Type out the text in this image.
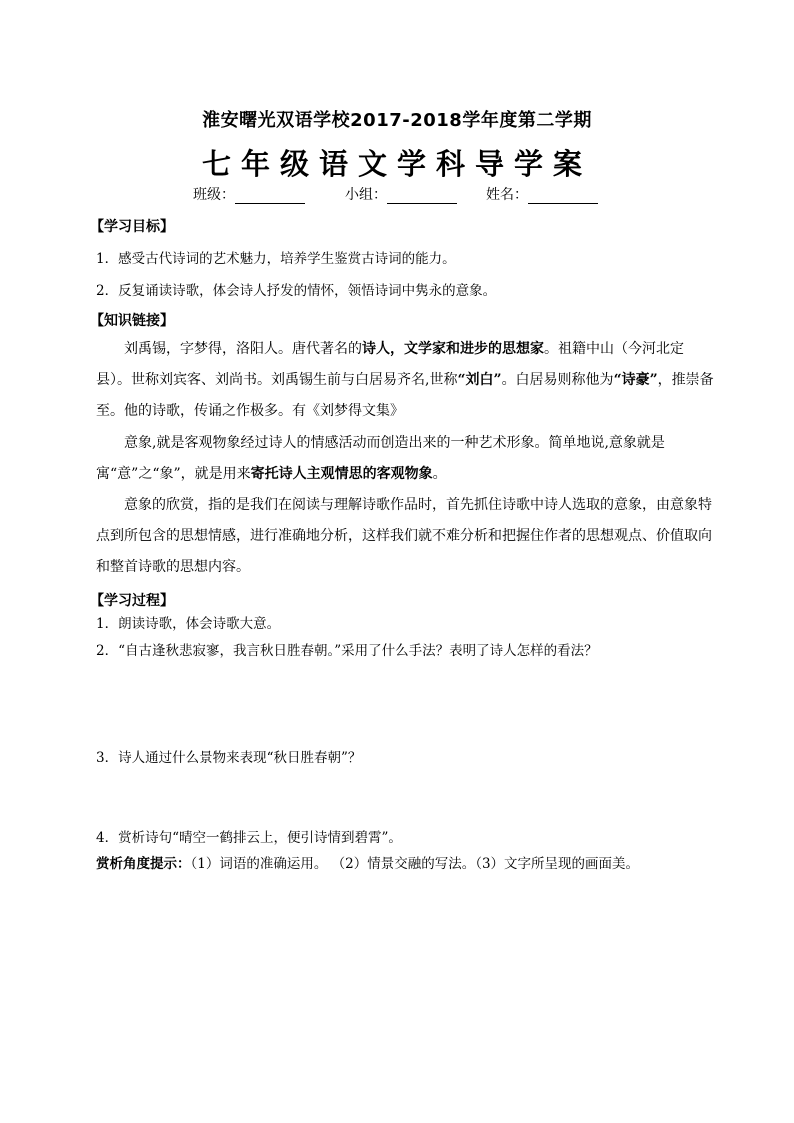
淮安曙光双语学校2017-2018学年度第二学期
七年级语文学科导学案
班级：	小组：	姓名：
【学习目标】
1．感受古代诗词的艺术魅力，培养学生鉴赏古诗词的能力。
2．反复诵读诗歌，体会诗人抒发的情怀，领悟诗词中隽永的意象。
【知识链接】
刘禹锡，字梦得，洛阳人。唐代著名的诗人，文学家和进步的思想家。祖籍中山（今河北定县）。世称刘宾客、刘尚书。刘禹锡生前与白居易齐名,世称“刘白”。白居易则称他为“诗豪”，推崇备至。他的诗歌，传诵之作极多。有《刘梦得文集》
意象,就是客观物象经过诗人的情感活动而创造出来的一种艺术形象。简单地说,意象就是寓“意”之“象”，就是用来寄托诗人主观情思的客观物象。
意象的欣赏，指的是我们在阅读与理解诗歌作品时，首先抓住诗歌中诗人选取的意象，由意象特点到所包含的思想情感，进行准确地分析，这样我们就不难分析和把握住作者的思想观点、价值取向和整首诗歌的思想内容。
【学习过程】
1．朗读诗歌，体会诗歌大意。
2．“自古逢秋悲寂寥，我言秋日胜春朝。”采用了什么手法？表明了诗人怎样的看法？
3．诗人通过什么景物来表现“秋日胜春朝”？
4．赏析诗句“晴空一鹤排云上，便引诗情到碧霄”。
赏析角度提示：（1）词语的准确运用。 （2）情景交融的写法。（3）文字所呈现的画面美。
